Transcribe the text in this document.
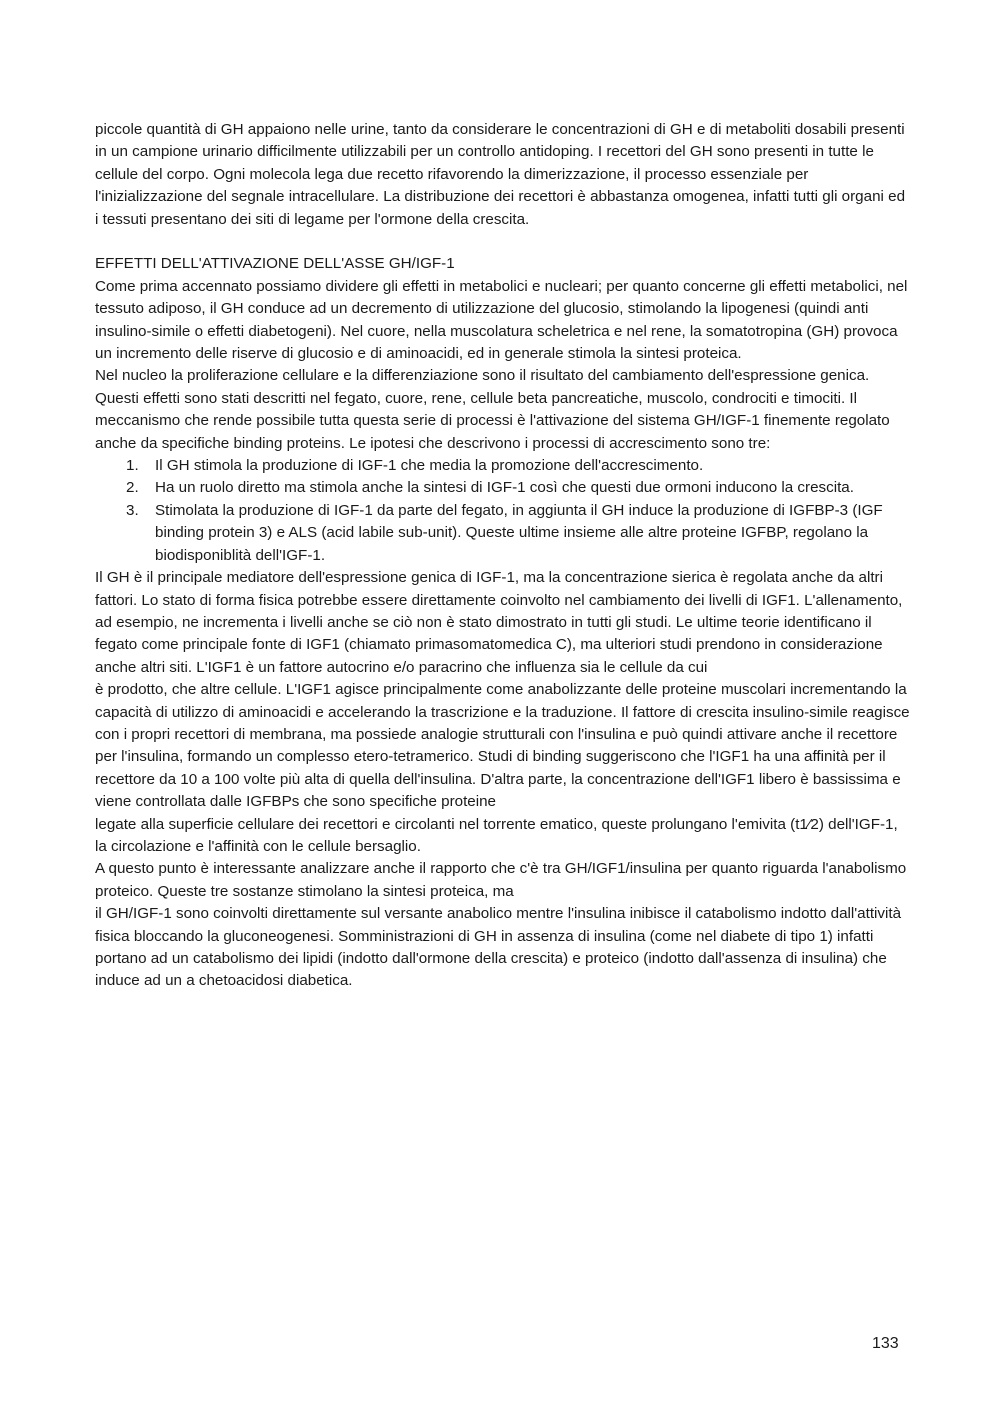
piccole quantità di GH appaiono nelle urine, tanto da considerare le concentrazioni di GH e di metaboliti dosabili presenti in un campione urinario difficilmente utilizzabili per un controllo antidoping. I recettori del GH sono presenti in tutte le cellule del corpo. Ogni molecola lega due recetto rifavorendo la dimerizzazione, il processo essenziale per l'inizializzazione del segnale intracellulare. La distribuzione dei recettori è abbastanza omogenea, infatti tutti gli organi ed i tessuti presentano dei siti di legame per l'ormone della crescita.

EFFETTI DELL'ATTIVAZIONE DELL'ASSE GH/IGF-1

Come prima accennato possiamo dividere gli effetti in metabolici e nucleari; per quanto concerne gli effetti metabolici, nel tessuto adiposo, il GH conduce ad un decremento di utilizzazione del glucosio, stimolando la lipogenesi (quindi anti insulino-simile o effetti diabetogeni). Nel cuore, nella muscolatura scheletrica e nel rene, la somatotropina (GH) provoca un incremento delle riserve di glucosio e di aminoacidi, ed in generale stimola la sintesi proteica.

Nel nucleo la proliferazione cellulare e la differenziazione sono il risultato del cambiamento dell'espressione genica.

Questi effetti sono stati descritti nel fegato, cuore, rene, cellule beta pancreatiche, muscolo, condrociti e timociti. Il meccanismo che rende possibile tutta questa serie di processi è l'attivazione del sistema GH/IGF-1 finemente regolato anche da specifiche binding proteins. Le ipotesi che descrivono i processi di accrescimento sono tre:

1. Il GH stimola la produzione di IGF-1 che media la promozione dell'accrescimento.
2. Ha un ruolo diretto ma stimola anche la sintesi di IGF-1 così che questi due ormoni inducono la crescita.
3. Stimolata la produzione di IGF-1 da parte del fegato, in aggiunta il GH induce la produzione di IGFBP-3 (IGF binding protein 3) e ALS (acid labile sub-unit). Queste ultime insieme alle altre proteine IGFBP, regolano la biodisponiblità dell'IGF-1.

Il GH è il principale mediatore dell'espressione genica di IGF-1, ma la concentrazione sierica è regolata anche da altri fattori. Lo stato di forma fisica potrebbe essere direttamente coinvolto nel cambiamento dei livelli di IGF1. L'allenamento, ad esempio, ne incrementa i livelli anche se ciò non è stato dimostrato in tutti gli studi. Le ultime teorie identificano il fegato come principale fonte di IGF1 (chiamato primasomatomedica C), ma ulteriori studi prendono in considerazione anche altri siti. L'IGF1 è un fattore autocrino e/o paracrino che influenza sia le cellule da cui

è prodotto, che altre cellule. L'IGF1 agisce principalmente come anabolizzante delle proteine muscolari incrementando la capacità di utilizzo di aminoacidi e accelerando la trascrizione e la traduzione. Il fattore di crescita insulino-simile reagisce con i propri recettori di membrana, ma possiede analogie strutturali con l'insulina e può quindi attivare anche il recettore per l'insulina, formando un complesso etero-tetramerico. Studi di binding suggeriscono che l'IGF1 ha una affinità per il recettore da 10 a 100 volte più alta di quella dell'insulina. D'altra parte, la concentrazione dell'IGF1 libero è bassissima e viene controllata dalle IGFBPs che sono specifiche proteine

legate alla superficie cellulare dei recettori e circolanti nel torrente ematico, queste prolungano l'emivita (t1⁄2) dell'IGF-1, la circolazione e l'affinità con le cellule bersaglio.

A questo punto è interessante analizzare anche il rapporto che c'è tra GH/IGF1/insulina per quanto riguarda l'anabolismo proteico. Queste tre sostanze stimolano la sintesi proteica, ma

il GH/IGF-1 sono coinvolti direttamente sul versante anabolico mentre l'insulina inibisce il catabolismo indotto dall'attività fisica bloccando la gluconeogenesi. Somministrazioni di GH in assenza di insulina (come nel diabete di tipo 1) infatti portano ad un catabolismo dei lipidi (indotto dall'ormone della crescita) e proteico (indotto dall'assenza di insulina) che

induce ad un a chetoacidosi diabetica.

133
